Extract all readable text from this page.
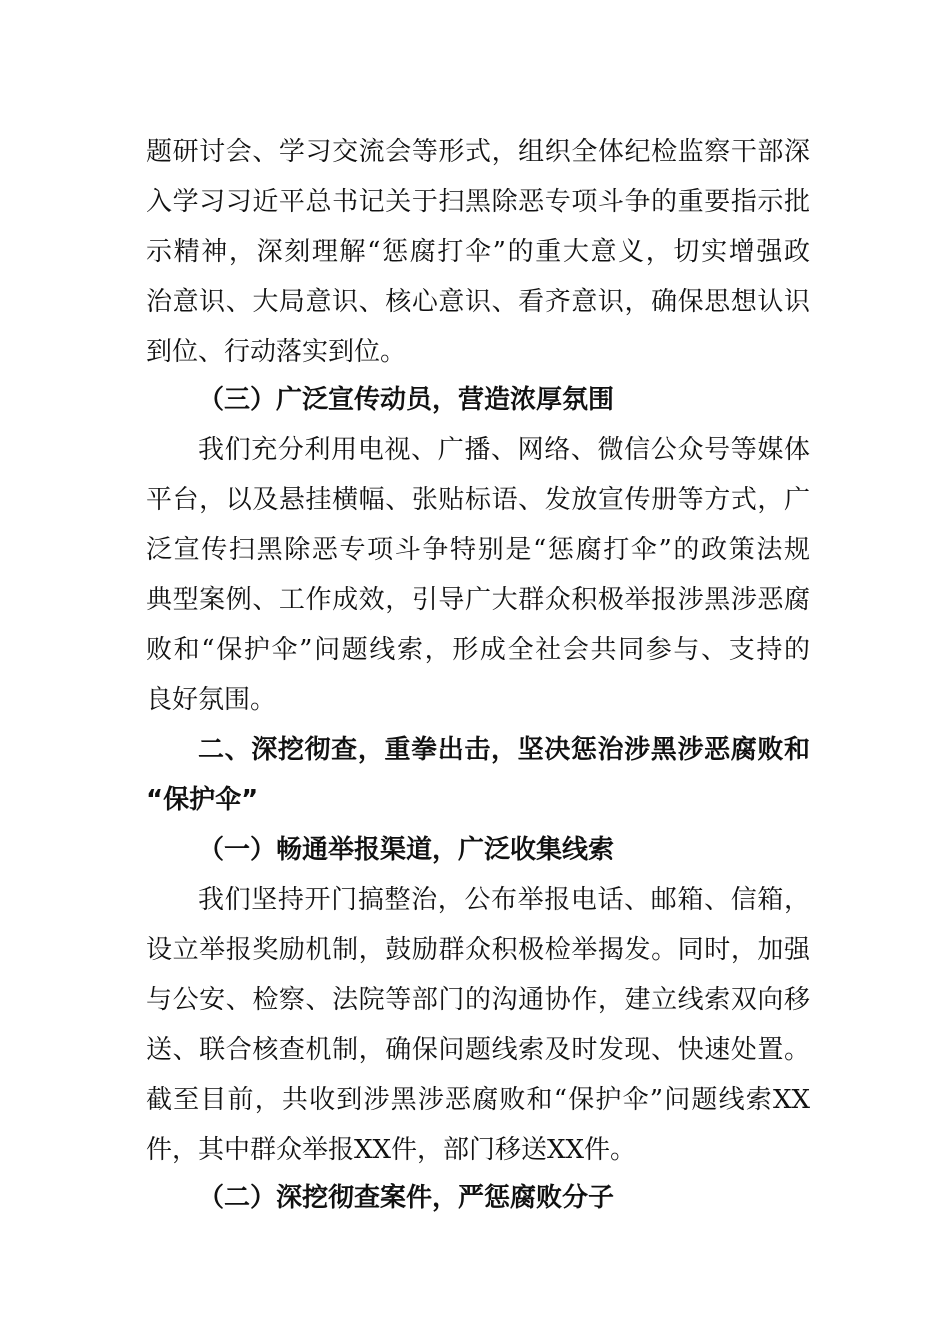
题研讨会、学习交流会等形式，组织全体纪检监察干部深
入学习习近平总书记关于扫黑除恶专项斗争的重要指示批
示精神，深刻理解“惩腐打伞”的重大意义，切实增强政
治意识、大局意识、核心意识、看齐意识，确保思想认识
到位、行动落实到位。
（三）广泛宣传动员，营造浓厚氛围
我们充分利用电视、广播、网络、微信公众号等媒体
平台，以及悬挂横幅、张贴标语、发放宣传册等方式，广
泛宣传扫黑除恶专项斗争特别是“惩腐打伞”的政策法规
典型案例、工作成效，引导广大群众积极举报涉黑涉恶腐
败和“保护伞”问题线索，形成全社会共同参与、支持的
良好氛围。
二、深挖彻查，重拳出击，坚决惩治涉黑涉恶腐败和
“保护伞”
（一）畅通举报渠道，广泛收集线索
我们坚持开门搞整治，公布举报电话、邮箱、信箱，
设立举报奖励机制，鼓励群众积极检举揭发。同时，加强
与公安、检察、法院等部门的沟通协作，建立线索双向移
送、联合核查机制，确保问题线索及时发现、快速处置。
截至目前，共收到涉黑涉恶腐败和“保护伞”问题线索XX
件，其中群众举报XX件，部门移送XX件。
（二）深挖彻查案件，严惩腐败分子
